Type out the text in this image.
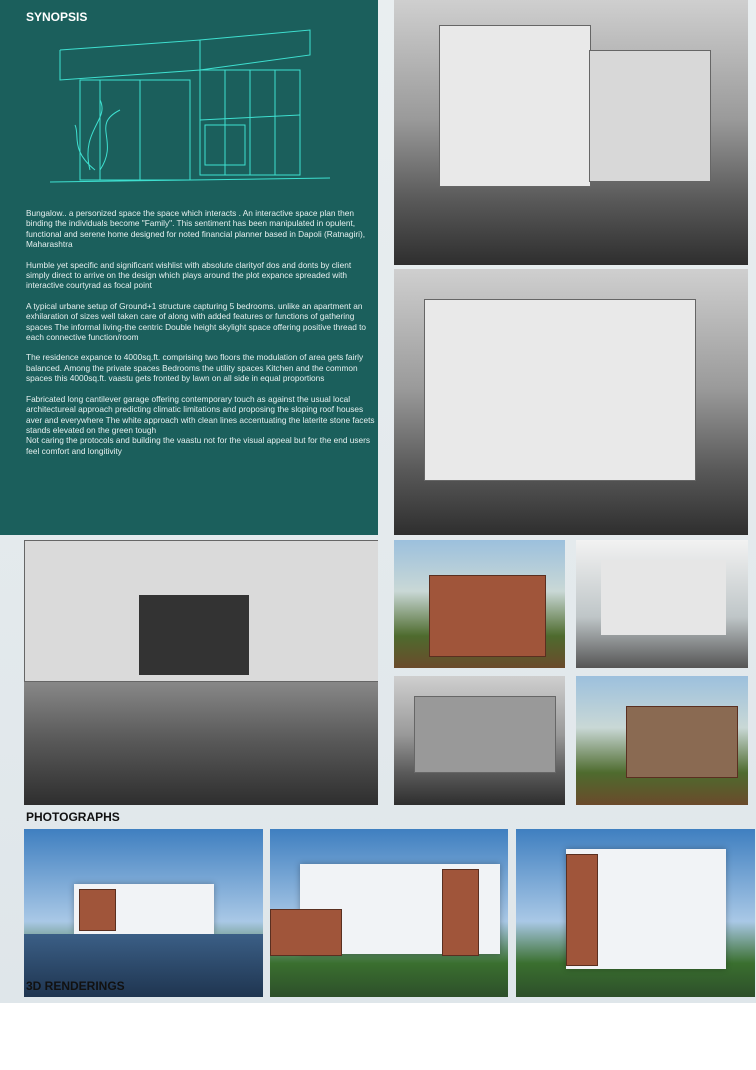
SYNOPSIS

Bungalow.. a personized space the space which interacts . An interactive space plan then binding the individuals become "Family". This sentiment has been manipulated in opulent, functional and serene home designed for noted financial planner based in Dapoli (Ratnagiri), Maharashtra

Humble yet specific and significant wishlist with absolute clarityof dos and donts by client simply direct to arrive on the design which plays around the plot expance spreaded with interactive courtyrad as focal point

A typical urbane setup of Ground+1 structure capturing 5 bedrooms. unlike an apartment an exhilaration of sizes well taken care of along with added features or functions of gathering spaces The informal living-the centric Double height skylight space offering positive thread to each connective function/room

The residence expance to 4000sq.ft. comprising two floors the modulation of area gets fairly balanced. Among the private spaces Bedrooms the utility spaces Kitchen and the common spaces this 4000sq.ft. vaastu gets fronted by lawn on all side in equal proportions

Fabricated long cantilever garage offering contemporary touch as against the usual local architectureal approach predicting climatic limitations and proposing the sloping roof houses aver and everywhere The white approach with clean lines accentuating the laterite stone facets stands elevated on the green tough
Not caring the protocols and building the vaastu not for the visual appeal but for the end users feel comfort and longitivity

PHOTOGRAPHS
3D RENDERINGS
